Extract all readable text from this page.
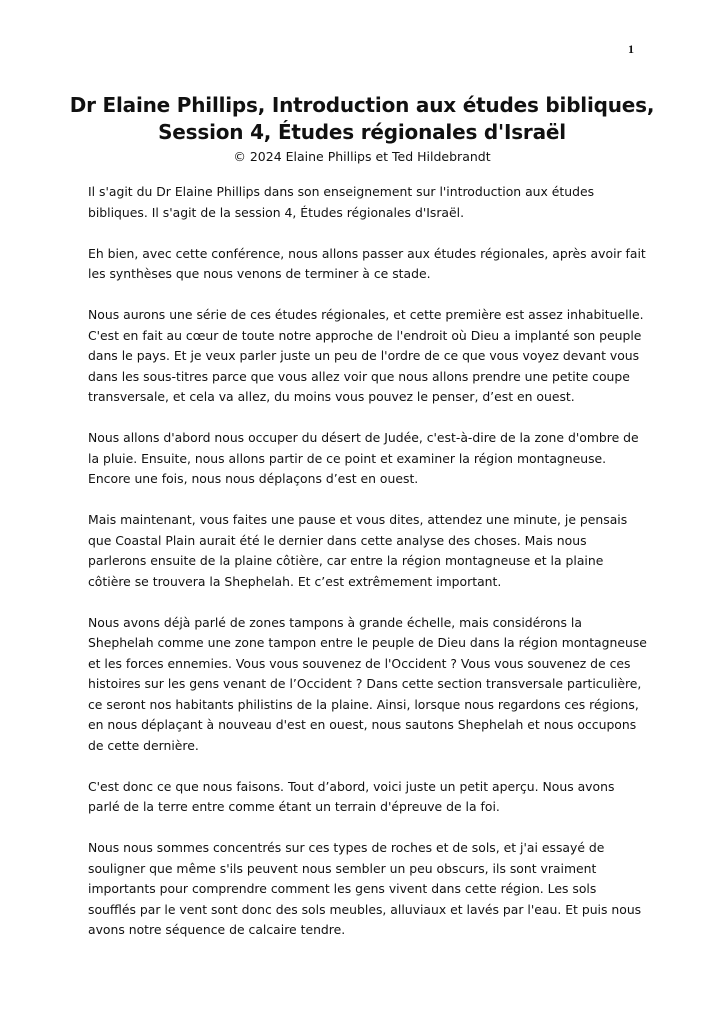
1
Dr Elaine Phillips, Introduction aux études bibliques,
Session 4, Études régionales d'Israël
© 2024 Elaine Phillips et Ted Hildebrandt

Il s'agit du Dr Elaine Phillips dans son enseignement sur l'introduction aux études bibliques. Il s'agit de la session 4, Études régionales d'Israël.

Eh bien, avec cette conférence, nous allons passer aux études régionales, après avoir fait les synthèses que nous venons de terminer à ce stade.

Nous aurons une série de ces études régionales, et cette première est assez inhabituelle. C'est en fait au cœur de toute notre approche de l'endroit où Dieu a implanté son peuple dans le pays. Et je veux parler juste un peu de l'ordre de ce que vous voyez devant vous dans les sous-titres parce que vous allez voir que nous allons prendre une petite coupe transversale, et cela va allez, du moins vous pouvez le penser, d’est en ouest.

Nous allons d'abord nous occuper du désert de Judée, c'est-à-dire de la zone d'ombre de la pluie. Ensuite, nous allons partir de ce point et examiner la région montagneuse. Encore une fois, nous nous déplaçons d’est en ouest.

Mais maintenant, vous faites une pause et vous dites, attendez une minute, je pensais que Coastal Plain aurait été le dernier dans cette analyse des choses. Mais nous parlerons ensuite de la plaine côtière, car entre la région montagneuse et la plaine côtière se trouvera la Shephelah. Et c’est extrêmement important.

Nous avons déjà parlé de zones tampons à grande échelle, mais considérons la Shephelah comme une zone tampon entre le peuple de Dieu dans la région montagneuse et les forces ennemies. Vous vous souvenez de l'Occident ? Vous vous souvenez de ces histoires sur les gens venant de l’Occident ? Dans cette section transversale particulière, ce seront nos habitants philistins de la plaine. Ainsi, lorsque nous regardons ces régions, en nous déplaçant à nouveau d'est en ouest, nous sautons Shephelah et nous occupons de cette dernière.

C'est donc ce que nous faisons. Tout d’abord, voici juste un petit aperçu. Nous avons parlé de la terre entre comme étant un terrain d'épreuve de la foi.

Nous nous sommes concentrés sur ces types de roches et de sols, et j'ai essayé de souligner que même s'ils peuvent nous sembler un peu obscurs, ils sont vraiment importants pour comprendre comment les gens vivent dans cette région. Les sols soufflés par le vent sont donc des sols meubles, alluviaux et lavés par l'eau. Et puis nous avons notre séquence de calcaire tendre.
